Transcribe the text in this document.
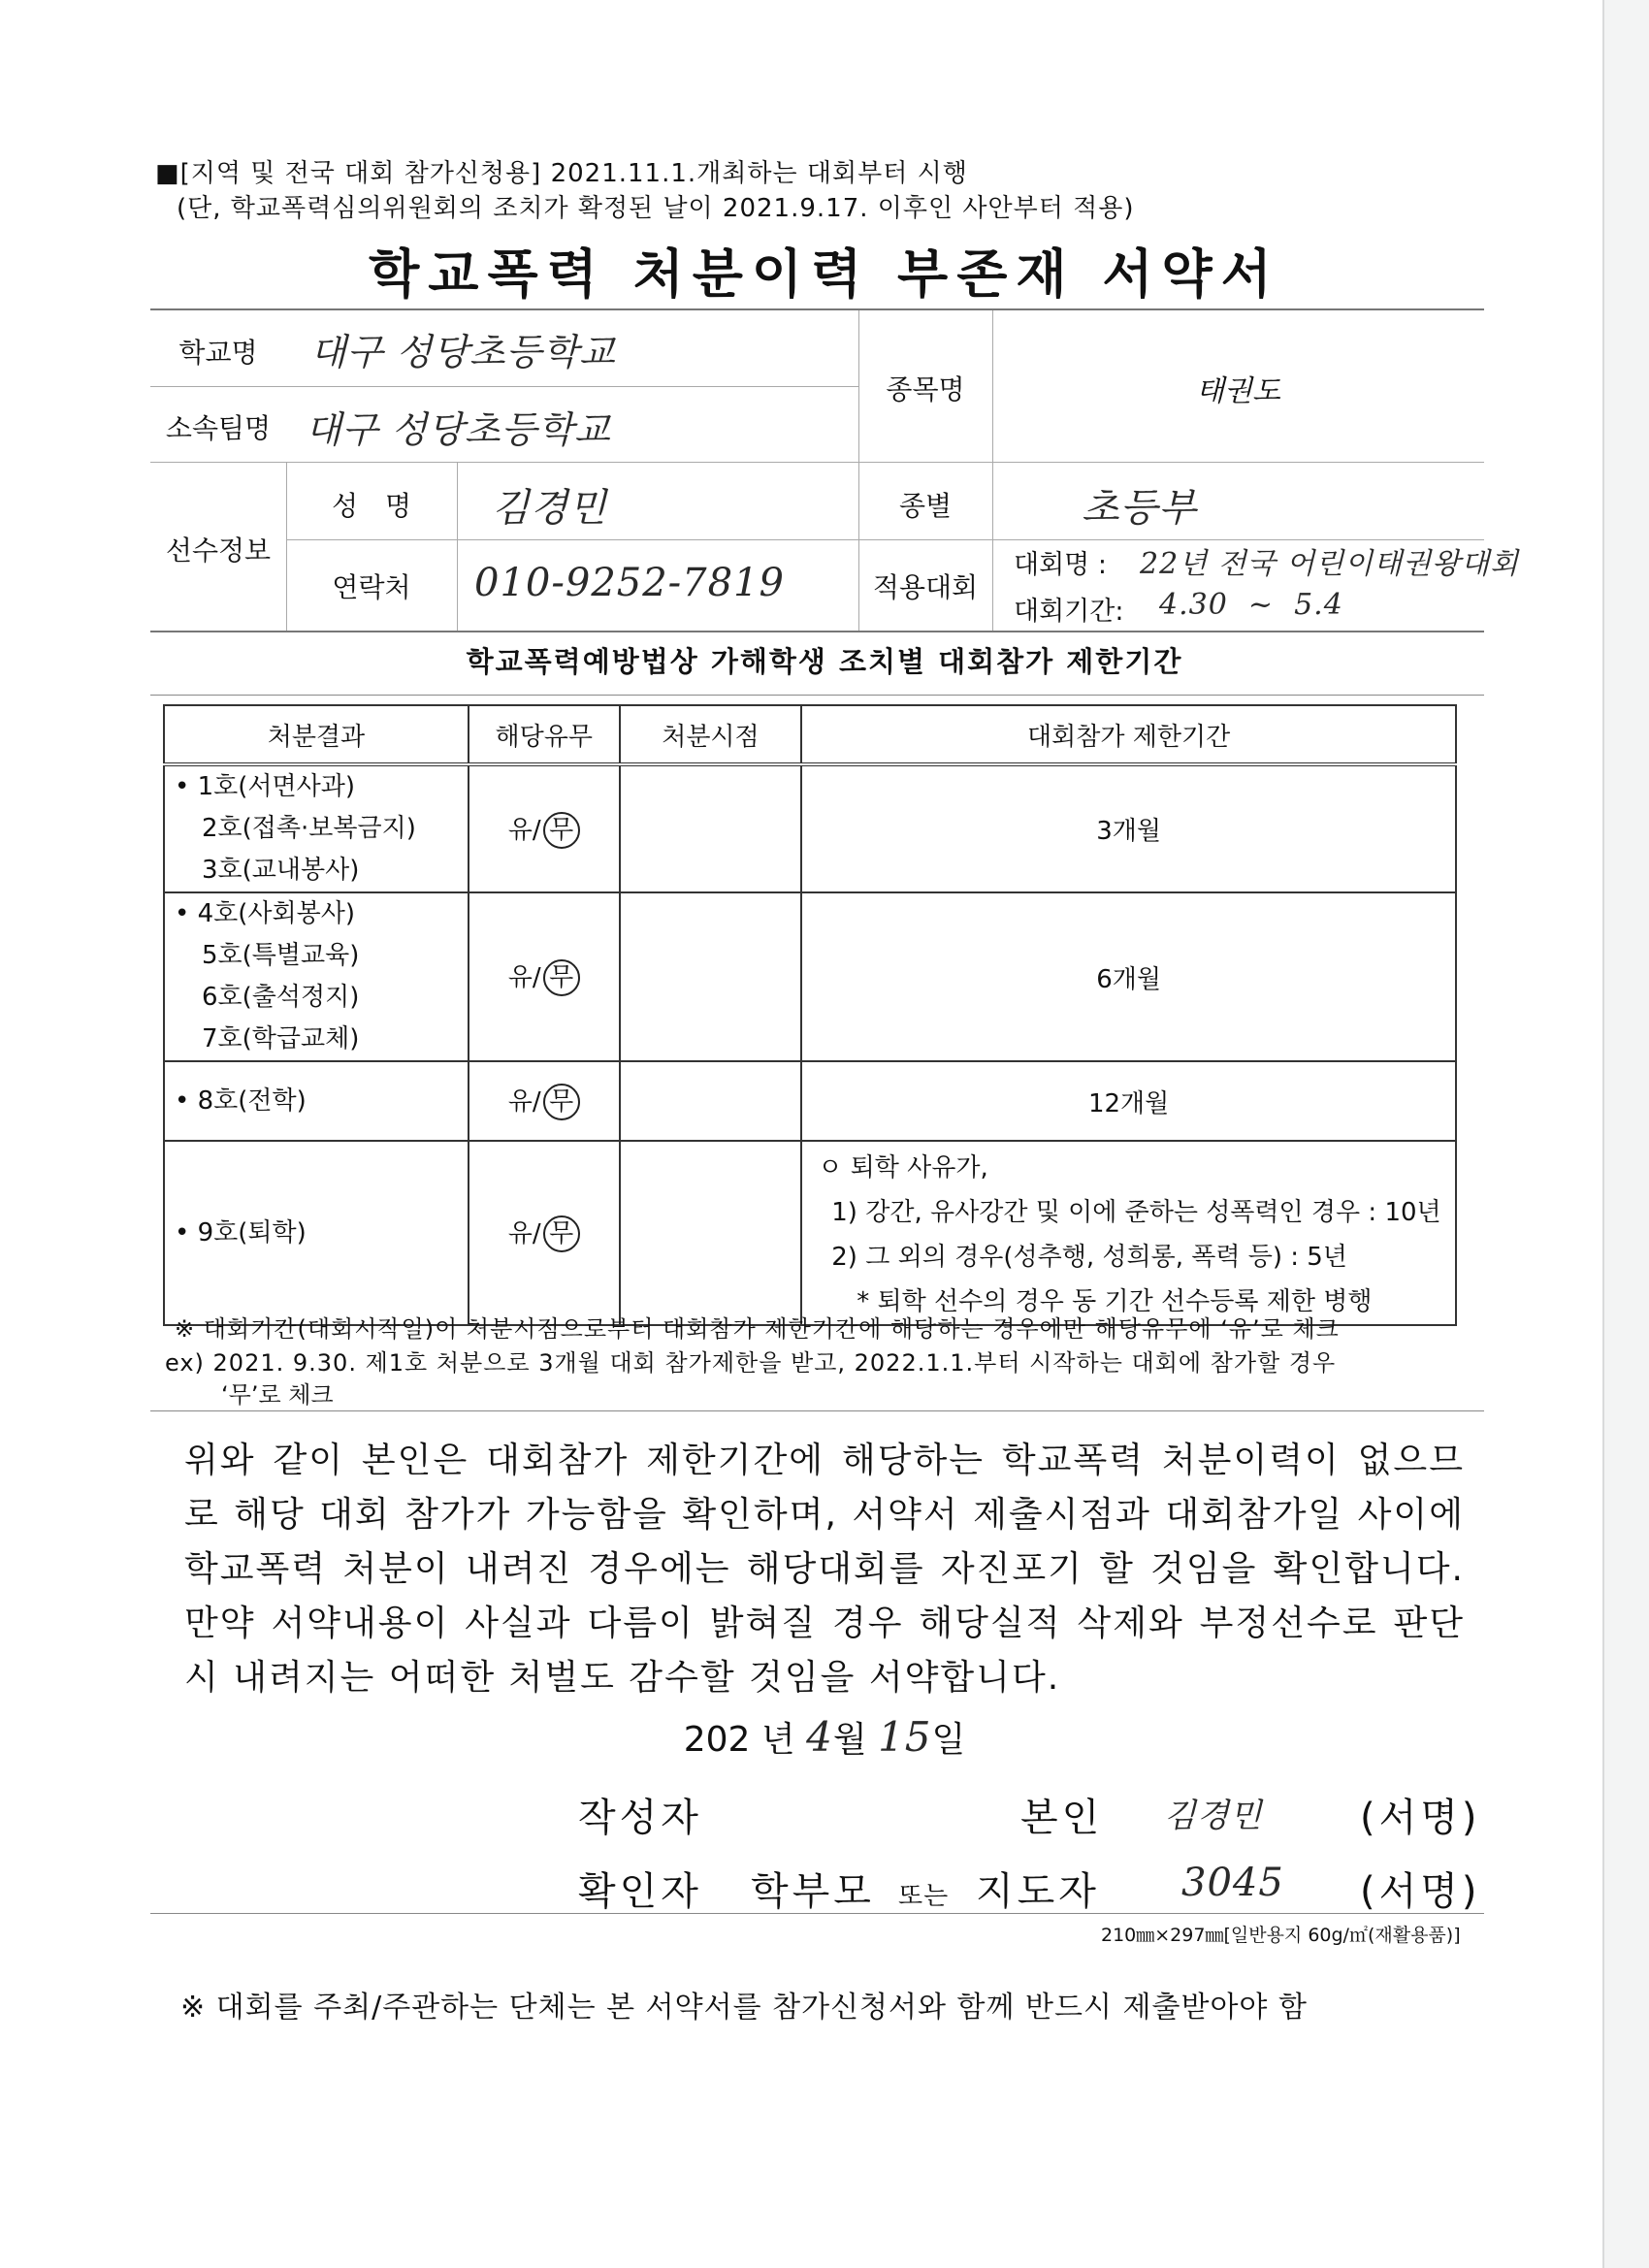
■[지역 및 전국 대회 참가신청용] 2021.11.1.개최하는 대회부터 시행
(단, 학교폭력심의위원회의 조치가 확정된 날이 2021.9.17. 이후인 사안부터 적용)
학교폭력 처분이력 부존재 서약서
학교명	대구 성당초등학교
소속팀명 대구 성당초등학교
종목명	태권도
선수정보
성　명	김경민
연락처	010-9252-7819
종별	초등부
적용대회
대회명 : 22년 전국 어린이태권왕대회
대회기간: 4.30  ~  5.4
학교폭력예방법상 가해학생 조치별 대회참가 제한기간
처분결과	해당유무	처분시점	대회참가 제한기간

• 1호(서면사과)
2호(접촉·보복금지)
3호(교내봉사)	유/ 무		3개월

• 4호(사회봉사)
5호(특별교육)
6호(출석정지)
7호(학급교체)	유/ 무		6개월

• 8호(전학)	유/ 무		12개월

• 9호(퇴학)	유/ 무		ㅇ 퇴학 사유가,
1) 강간, 유사강간 및 이에 준하는 성폭력인 경우 : 10년
2) 그 외의 경우(성추행, 성희롱, 폭력 등) : 5년
* 퇴학 선수의 경우 동 기간 선수등록 제한 병행
※ 대회기간(대회시작일)이 처분시점으로부터 대회참가 제한기간에 해당하는 경우에만 해당유무에 ‘유’로 체크
ex) 2021. 9.30. 제1호 처분으로 3개월 대회 참가제한을 받고, 2022.1.1.부터 시작하는 대회에 참가할 경우
‘무’로 체크
위와 같이 본인은 대회참가 제한기간에 해당하는 학교폭력 처분이력이 없으므로 해당 대회 참가가 가능함을 확인하며, 서약서 제출시점과 대회참가일 사이에 학교폭력 처분이 내려진 경우에는 해당대회를 자진포기 할 것임을 확인합니다. 만약 서약내용이 사실과 다름이 밝혀질 경우 해당실적 삭제와 부정선수로 판단 시 내려지는 어떠한 처벌도 감수할 것임을 서약합니다.
202 년 4월 15일
작성자	본인 김경민	(서명)
확인자 학부모 또는 지도자 3045 (서명)
210㎜×297㎜[일반용지 60g/㎡(재활용품)]
※ 대회를 주최/주관하는 단체는 본 서약서를 참가신청서와 함께 반드시 제출받아야 함
